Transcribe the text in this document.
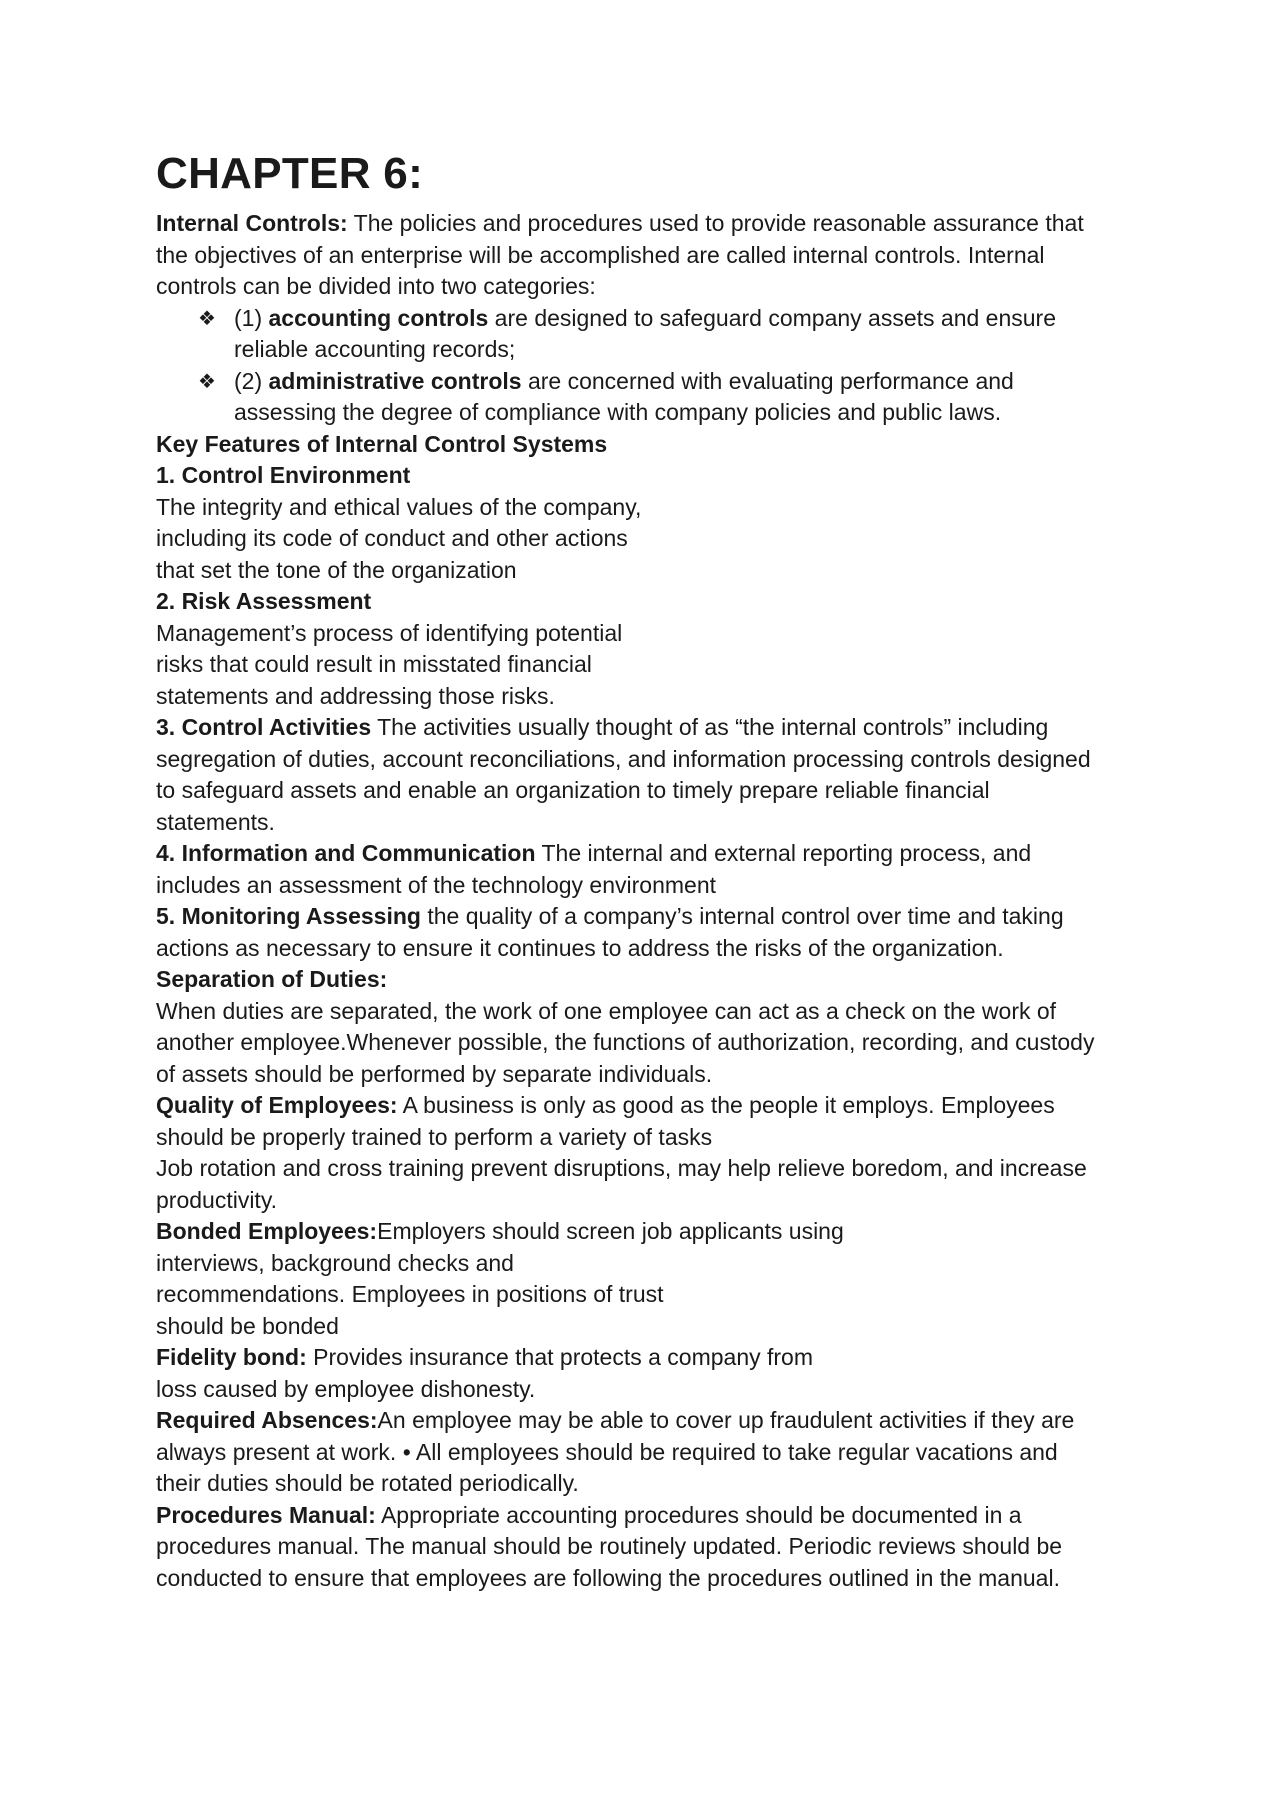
CHAPTER 6:
Internal Controls: The policies and procedures used to provide reasonable assurance that
the objectives of an enterprise will be accomplished are called internal controls. Internal
controls can be divided into two categories:
❖ (1) accounting controls are designed to safeguard company assets and ensure
reliable accounting records;
❖ (2) administrative controls are concerned with evaluating performance and
assessing the degree of compliance with company policies and public laws.
Key Features of Internal Control Systems
1. Control Environment
The integrity and ethical values of the company,
including its code of conduct and other actions
that set the tone of the organization
2. Risk Assessment
Management’s process of identifying potential
risks that could result in misstated financial
statements and addressing those risks.
3. Control Activities The activities usually thought of as “the internal controls” including
segregation of duties, account reconciliations, and information processing controls designed
to safeguard assets and enable an organization to timely prepare reliable financial
statements.
4. Information and Communication The internal and external reporting process, and
includes an assessment of the technology environment
5. Monitoring Assessing the quality of a company’s internal control over time and taking
actions as necessary to ensure it continues to address the risks of the organization.
Separation of Duties:
When duties are separated, the work of one employee can act as a check on the work of
another employee.Whenever possible, the functions of authorization, recording, and custody
of assets should be performed by separate individuals.
Quality of Employees: A business is only as good as the people it employs. Employees
should be properly trained to perform a variety of tasks
Job rotation and cross training prevent disruptions, may help relieve boredom, and increase
productivity.
Bonded Employees:Employers should screen job applicants using
interviews, background checks and
recommendations. Employees in positions of trust
should be bonded
Fidelity bond: Provides insurance that protects a company from
loss caused by employee dishonesty.
Required Absences:An employee may be able to cover up fraudulent activities if they are
always present at work. • All employees should be required to take regular vacations and
their duties should be rotated periodically.
Procedures Manual: Appropriate accounting procedures should be documented in a
procedures manual. The manual should be routinely updated. Periodic reviews should be
conducted to ensure that employees are following the procedures outlined in the manual.
